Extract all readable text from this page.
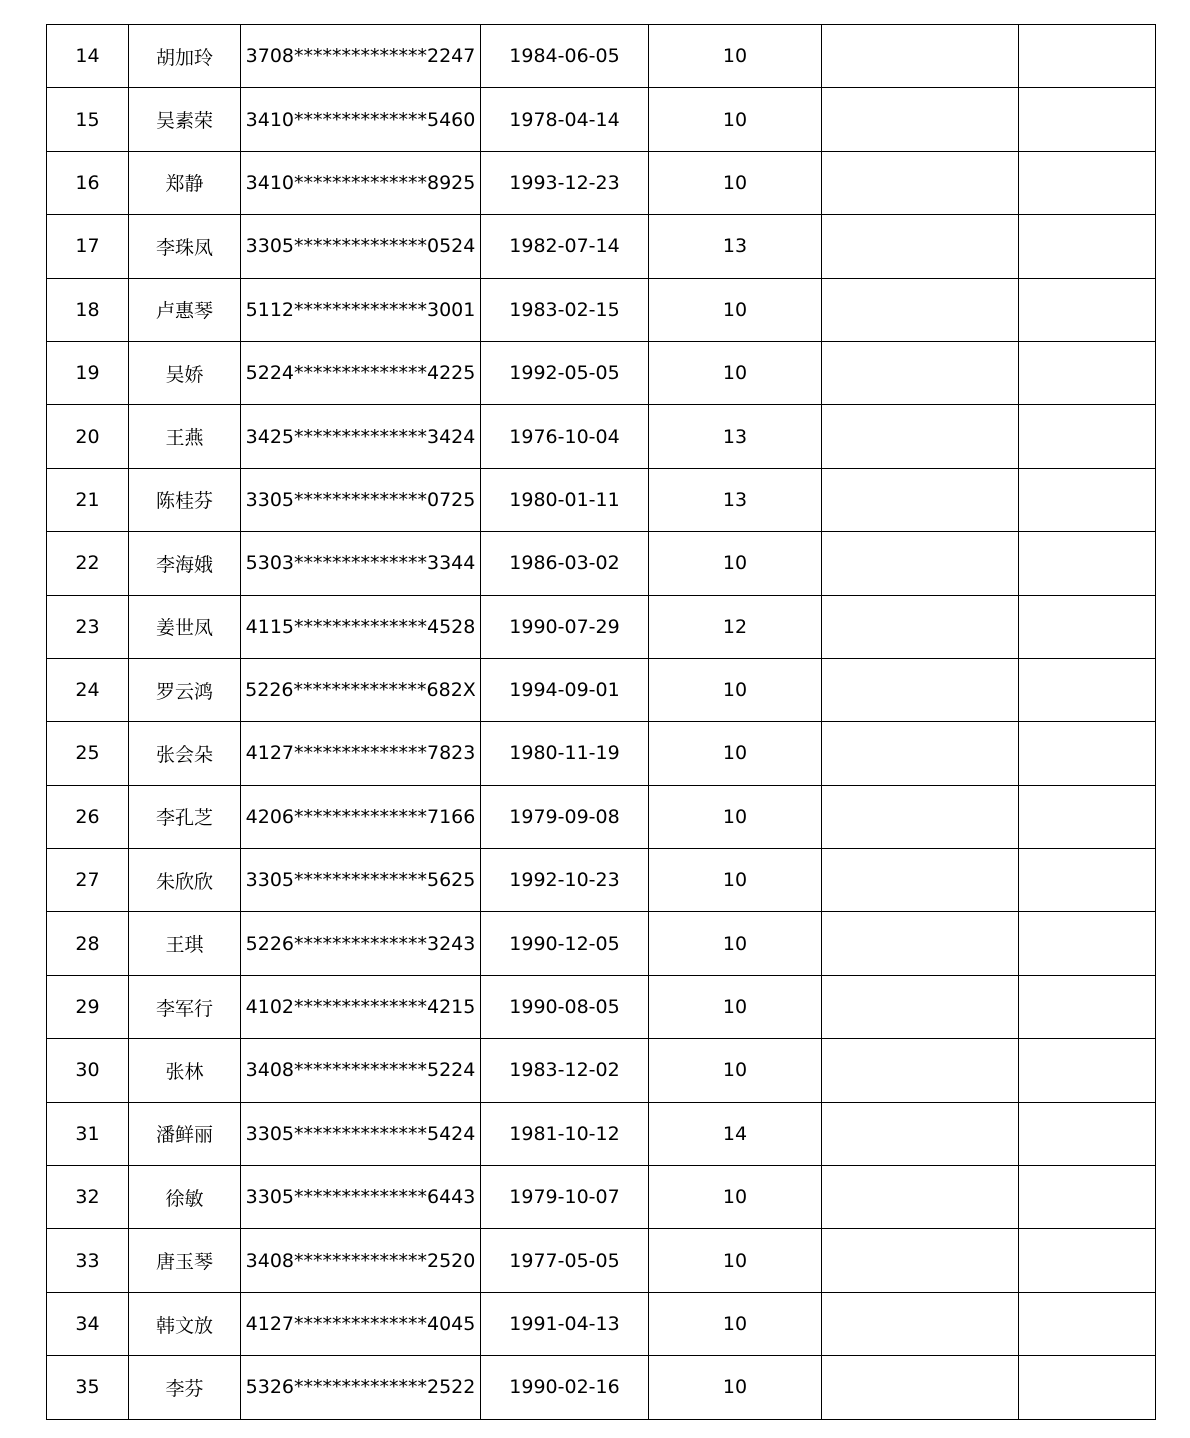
14	胡加玲	3708**************2247	1984-06-05	10		
15	吴素荣	3410**************5460	1978-04-14	10		
16	郑静	3410**************8925	1993-12-23	10		
17	李珠凤	3305**************0524	1982-07-14	13		
18	卢惠琴	5112**************3001	1983-02-15	10		
19	吴娇	5224**************4225	1992-05-05	10		
20	王燕	3425**************3424	1976-10-04	13		
21	陈桂芬	3305**************0725	1980-01-11	13		
22	李海娥	5303**************3344	1986-03-02	10		
23	姜世凤	4115**************4528	1990-07-29	12		
24	罗云鸿	5226**************682X	1994-09-01	10		
25	张会朵	4127**************7823	1980-11-19	10		
26	李孔芝	4206**************7166	1979-09-08	10		
27	朱欣欣	3305**************5625	1992-10-23	10		
28	王琪	5226**************3243	1990-12-05	10		
29	李军行	4102**************4215	1990-08-05	10		
30	张林	3408**************5224	1983-12-02	10		
31	潘鲜丽	3305**************5424	1981-10-12	14		
32	徐敏	3305**************6443	1979-10-07	10		
33	唐玉琴	3408**************2520	1977-05-05	10		
34	韩文放	4127**************4045	1991-04-13	10		
35	李芬	5326**************2522	1990-02-16	10		
